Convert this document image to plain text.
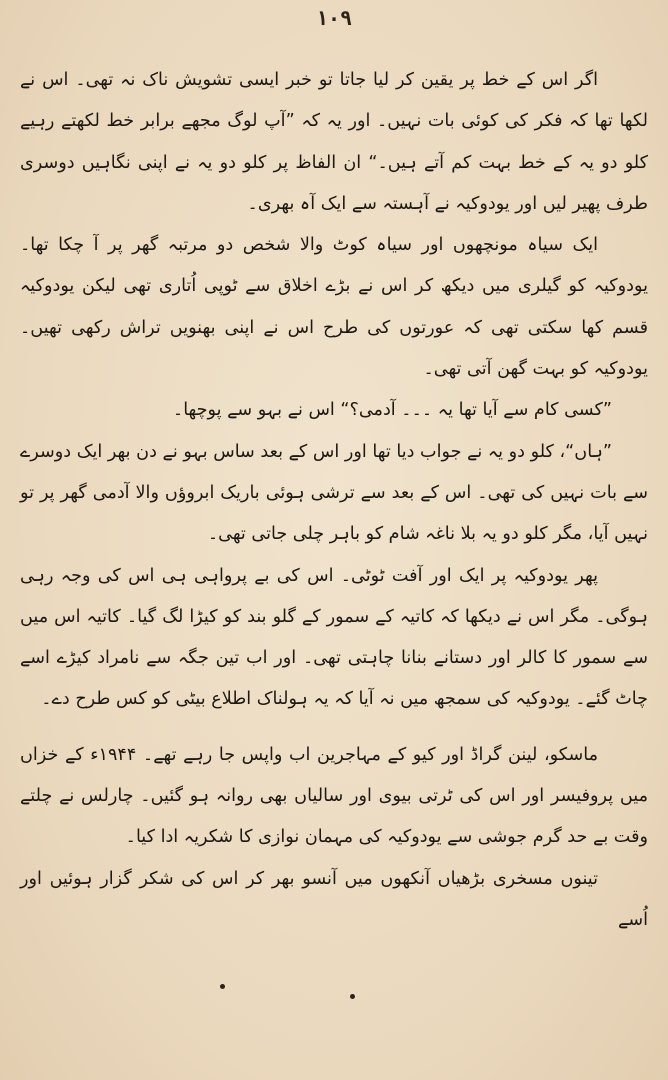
١٠٩

اگر اس کے خط پر یقین کر لیا جاتا تو خبر ایسی تشویش ناک نہ تھی۔ اس نے لکھا تھا کہ فکر کی کوئی بات نہیں۔ اور یہ کہ ”آپ لوگ مجھے برابر خط لکھتے رہیے کلو دو یہ کے خط بہت کم آتے ہیں۔“ ان الفاظ پر کلو دو یہ نے اپنی نگاہیں دوسری طرف پھیر لیں اور یودوکیہ نے آہستہ سے ایک آہ بھری۔

ایک سیاہ مونچھوں اور سیاہ کوٹ والا شخص دو مرتبہ گھر پر آ چکا تھا۔ یودوکیہ کو گیلری میں دیکھ کر اس نے بڑے اخلاق سے ٹوپی اُتاری تھی لیکن یودوکیہ قسم کھا سکتی تھی کہ عورتوں کی طرح اس نے اپنی بھنویں تراش رکھی تھیں۔ یودوکیہ کو بہت گھن آتی تھی۔

”کسی کام سے آیا تھا یہ ۔۔۔ آدمی؟“ اس نے بہو سے پوچھا۔

”ہاں“، کلو دو یہ نے جواب دیا تھا اور اس کے بعد ساس بہو نے دن بھر ایک دوسرے سے بات نہیں کی تھی۔ اس کے بعد سے ترشی ہوئی باریک ابروؤں والا آدمی گھر پر تو نہیں آیا، مگر کلو دو یہ بلا ناغہ شام کو باہر چلی جاتی تھی۔

پھر یودوکیہ پر ایک اور آفت ٹوٹی۔ اس کی بے پرواہی ہی اس کی وجہ رہی ہوگی۔ مگر اس نے دیکھا کہ کاتیہ کے سمور کے گلو بند کو کیڑا لگ گیا۔ کاتیہ اس میں سے سمور کا کالر اور دستانے بنانا چاہتی تھی۔ اور اب تین جگہ سے نامراد کیڑے اسے چاٹ گئے۔ یودوکیہ کی سمجھ میں نہ آیا کہ یہ ہولناک اطلاع بیٹی کو کس طرح دے۔

ماسکو، لینن گراڈ اور کیو کے مہاجرین اب واپس جا رہے تھے۔ ۱۹۴۴ء کے خزاں میں پروفیسر اور اس کی ٹرتی بیوی اور سالیاں بھی روانہ ہو گئیں۔ چارلس نے چلتے وقت بے حد گرم جوشی سے یودوکیہ کی مہمان نوازی کا شکریہ ادا کیا۔

تینوں مسخری بڑھیاں آنکھوں میں آنسو بھر کر اس کی شکر گزار ہوئیں اور اُسے
